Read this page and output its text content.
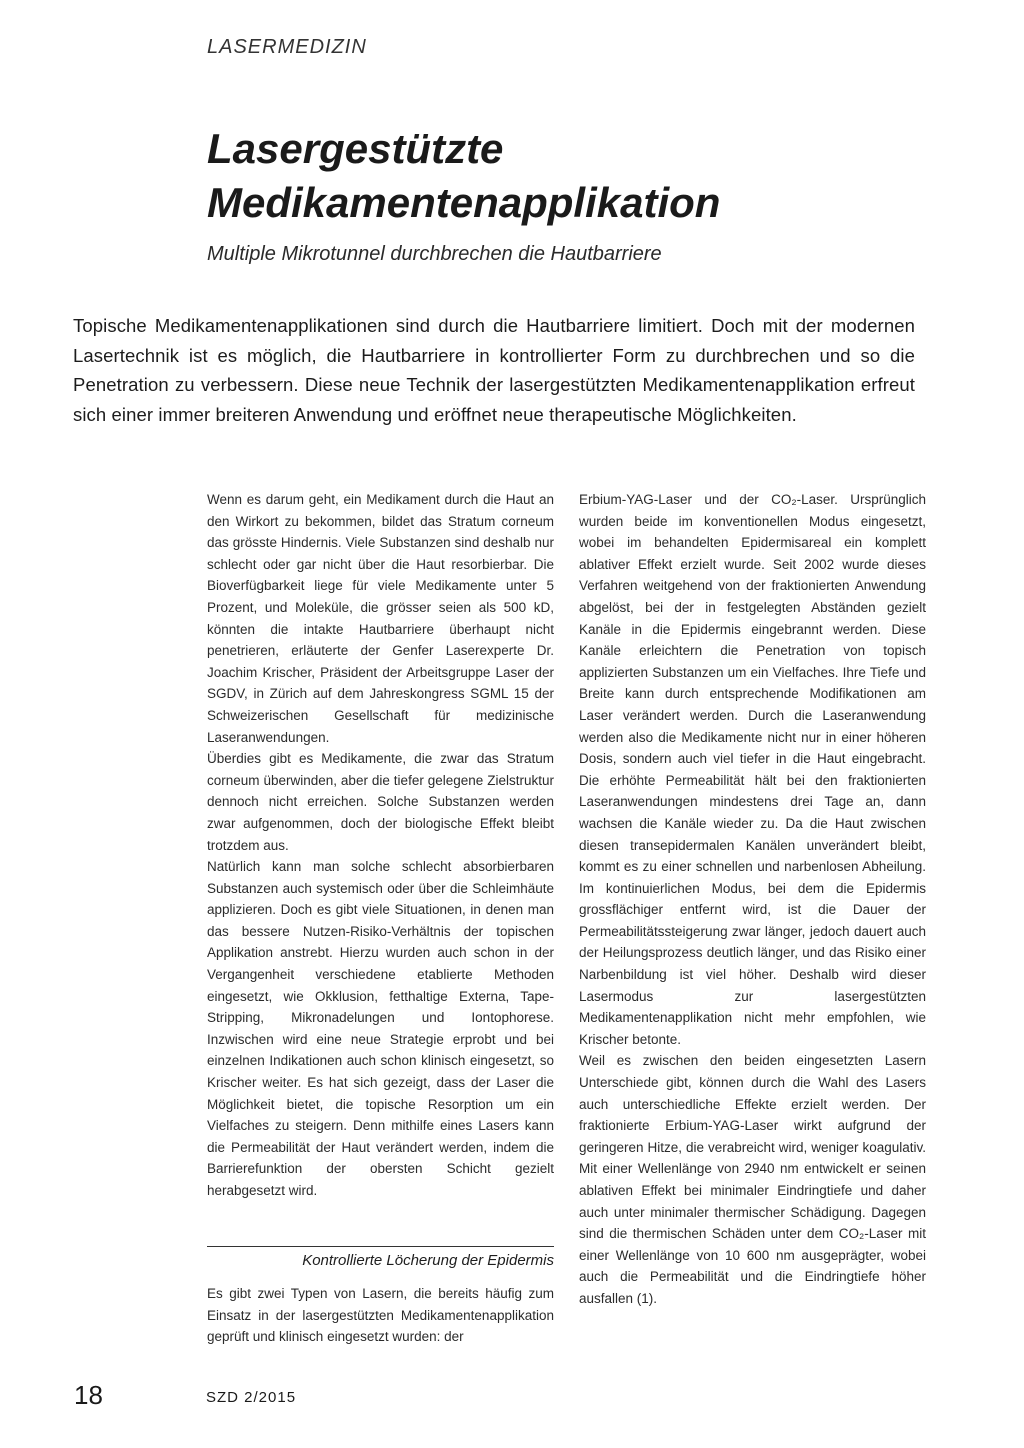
LASERMEDIZIN
Lasergestützte
Medikamentenapplikation
Multiple Mikrotunnel durchbrechen die Hautbarriere
Topische Medikamentenapplikationen sind durch die Hautbarriere limitiert. Doch mit der modernen Lasertechnik ist es möglich, die Hautbarriere in kontrollierter Form zu durchbrechen und so die Penetration zu verbessern. Diese neue Technik der lasergestützten Medikamentenapplikation erfreut sich einer immer breiteren Anwendung und eröffnet neue therapeutische Möglichkeiten.

Wenn es darum geht, ein Medikament durch die Haut an den Wirkort zu bekommen, bildet das Stratum corneum das grösste Hindernis. Viele Substanzen sind deshalb nur schlecht oder gar nicht über die Haut resorbierbar. Die Bioverfügbarkeit liege für viele Medikamente unter 5 Prozent, und Moleküle, die grösser seien als 500 kD, könnten die intakte Hautbarriere überhaupt nicht penetrieren, erläuterte der Genfer Laserexperte Dr. Joachim Krischer, Präsident der Arbeitsgruppe Laser der SGDV, in Zürich auf dem Jahreskongress SGML 15 der Schweizerischen Gesellschaft für medizinische Laseranwendungen.

Überdies gibt es Medikamente, die zwar das Stratum corneum überwinden, aber die tiefer gelegene Zielstruktur dennoch nicht erreichen. Solche Substanzen werden zwar aufgenommen, doch der biologische Effekt bleibt trotzdem aus.

Natürlich kann man solche schlecht absorbierbaren Substanzen auch systemisch oder über die Schleimhäute applizieren. Doch es gibt viele Situationen, in denen man das bessere Nutzen-Risiko-Verhältnis der topischen Applikation anstrebt. Hierzu wurden auch schon in der Vergangenheit verschiedene etablierte Methoden eingesetzt, wie Okklusion, fetthaltige Externa, Tape-Stripping, Mikronadelungen und Iontophorese. Inzwischen wird eine neue Strategie erprobt und bei einzelnen Indikationen auch schon klinisch eingesetzt, so Krischer weiter. Es hat sich gezeigt, dass der Laser die Möglichkeit bietet, die topische Resorption um ein Vielfaches zu steigern. Denn mithilfe eines Lasers kann die Permeabilität der Haut verändert werden, indem die Barrierefunktion der obersten Schicht gezielt herabgesetzt wird.

Kontrollierte Löcherung der Epidermis
Es gibt zwei Typen von Lasern, die bereits häufig zum Einsatz in der lasergestützten Medikamentenapplikation geprüft und klinisch eingesetzt wurden: der

Erbium-YAG-Laser und der CO₂-Laser. Ursprünglich wurden beide im konventionellen Modus eingesetzt, wobei im behandelten Epidermisareal ein komplett ablativer Effekt erzielt wurde. Seit 2002 wurde dieses Verfahren weitgehend von der fraktionierten Anwendung abgelöst, bei der in festgelegten Abständen gezielt Kanäle in die Epidermis eingebrannt werden. Diese Kanäle erleichtern die Penetration von topisch applizierten Substanzen um ein Vielfaches. Ihre Tiefe und Breite kann durch entsprechende Modifikationen am Laser verändert werden. Durch die Laseranwendung werden also die Medikamente nicht nur in einer höheren Dosis, sondern auch viel tiefer in die Haut eingebracht. Die erhöhte Permeabilität hält bei den fraktionierten Laseranwendungen mindestens drei Tage an, dann wachsen die Kanäle wieder zu. Da die Haut zwischen diesen transepidermalen Kanälen unverändert bleibt, kommt es zu einer schnellen und narbenlosen Abheilung. Im kontinuierlichen Modus, bei dem die Epidermis grossflächiger entfernt wird, ist die Dauer der Permeabilitätssteigerung zwar länger, jedoch dauert auch der Heilungsprozess deutlich länger, und das Risiko einer Narbenbildung ist viel höher. Deshalb wird dieser Lasermodus zur lasergestützten Medikamentenapplikation nicht mehr empfohlen, wie Krischer betonte.

Weil es zwischen den beiden eingesetzten Lasern Unterschiede gibt, können durch die Wahl des Lasers auch unterschiedliche Effekte erzielt werden. Der fraktionierte Erbium-YAG-Laser wirkt aufgrund der geringeren Hitze, die verabreicht wird, weniger koagulativ. Mit einer Wellenlänge von 2940 nm entwickelt er seinen ablativen Effekt bei minimaler Eindringtiefe und daher auch unter minimaler thermischer Schädigung. Dagegen sind die thermischen Schäden unter dem CO₂-Laser mit einer Wellenlänge von 10 600 nm ausgeprägter, wobei auch die Permeabilität und die Eindringtiefe höher ausfallen (1).

18	SZD 2/2015
